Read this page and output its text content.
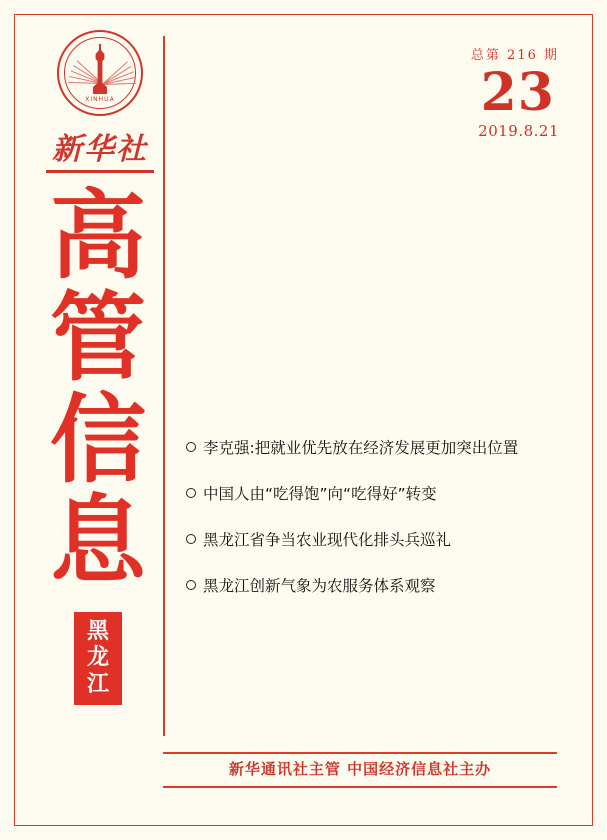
XINHUA
新华社
高
管
信
息
黑
龙
江
总第 216 期
23
2019.8.21
李克强:把就业优先放在经济发展更加突出位置
中国人由“吃得饱”向“吃得好”转变
黑龙江省争当农业现代化排头兵巡礼
黑龙江创新气象为农服务体系观察
新华通讯社主管 中国经济信息社主办
